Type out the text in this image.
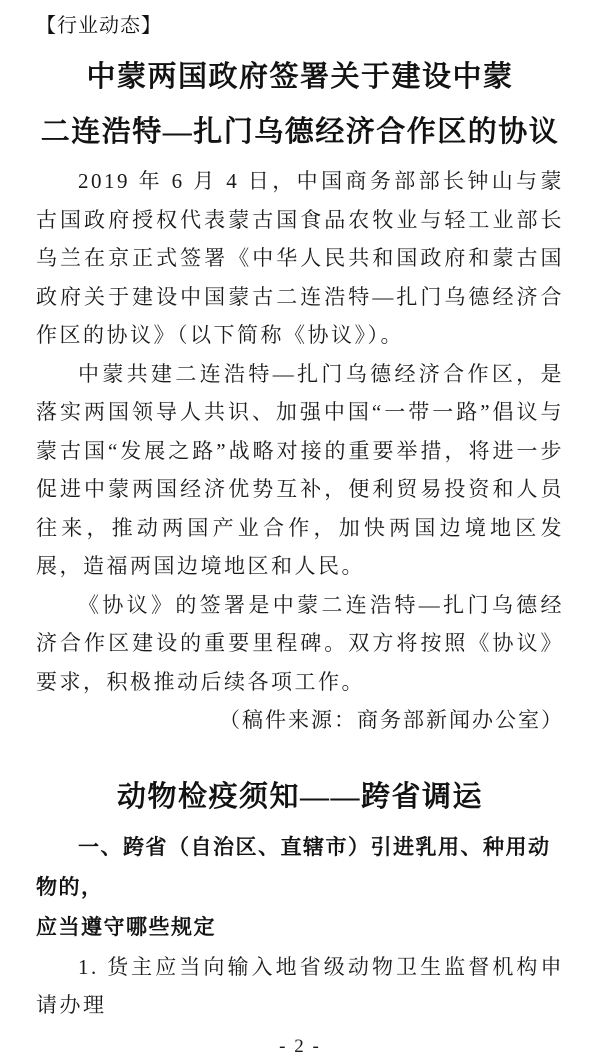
【行业动态】
中蒙两国政府签署关于建设中蒙
二连浩特—扎门乌德经济合作区的协议

2019 年 6 月 4 日，中国商务部部长钟山与蒙古国政府授权代表蒙古国食品农牧业与轻工业部长乌兰在京正式签署《中华人民共和国政府和蒙古国政府关于建设中国蒙古二连浩特—扎门乌德经济合作区的协议》（以下简称《协议》）。

中蒙共建二连浩特—扎门乌德经济合作区，是落实两国领导人共识、加强中国“一带一路”倡议与蒙古国“发展之路”战略对接的重要举措，将进一步促进中蒙两国经济优势互补，便利贸易投资和人员往来，推动两国产业合作，加快两国边境地区发展，造福两国边境地区和人民。

《协议》的签署是中蒙二连浩特—扎门乌德经济合作区建设的重要里程碑。双方将按照《协议》要求，积极推动后续各项工作。

（稿件来源：商务部新闻办公室）
动物检疫须知——跨省调运
一、跨省（自治区、直辖市）引进乳用、种用动物的，
应当遵守哪些规定

1. 货主应当向输入地省级动物卫生监督机构申请办理

- 2 -
